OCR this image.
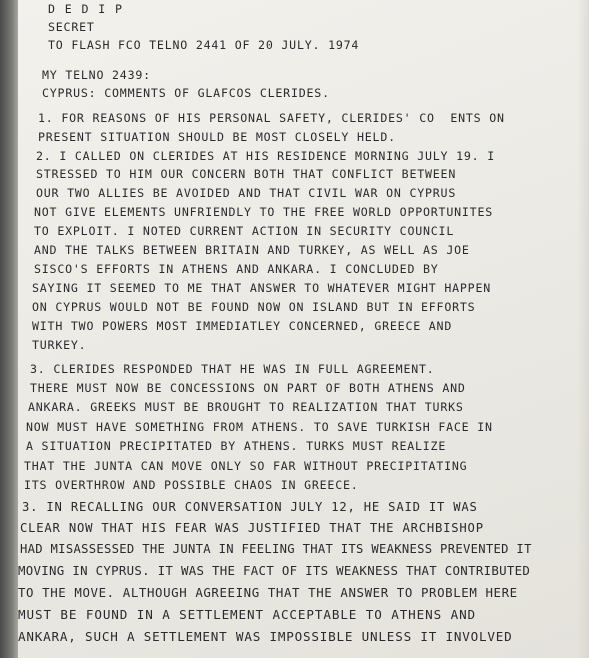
D E D I P
SECRET
TO FLASH FCO TELNO 2441 OF 20 JULY. 1974
MY TELNO 2439:
CYPRUS: COMMENTS OF GLAFCOS CLERIDES.
1. FOR REASONS OF HIS PERSONAL SAFETY, CLERIDES' CO  ENTS ON
PRESENT SITUATION SHOULD BE MOST CLOSELY HELD.
2. I CALLED ON CLERIDES AT HIS RESIDENCE MORNING JULY 19. I
STRESSED TO HIM OUR CONCERN BOTH THAT CONFLICT BETWEEN
OUR TWO ALLIES BE AVOIDED AND THAT CIVIL WAR ON CYPRUS
NOT GIVE ELEMENTS UNFRIENDLY TO THE FREE WORLD OPPORTUNITES
TO EXPLOIT. I NOTED CURRENT ACTION IN SECURITY COUNCIL
AND THE TALKS BETWEEN BRITAIN AND TURKEY, AS WELL AS JOE
SISCO'S EFFORTS IN ATHENS AND ANKARA. I CONCLUDED BY
SAYING IT SEEMED TO ME THAT ANSWER TO WHATEVER MIGHT HAPPEN
ON CYPRUS WOULD NOT BE FOUND NOW ON ISLAND BUT IN EFFORTS
WITH TWO POWERS MOST IMMEDIATLEY CONCERNED, GREECE AND
TURKEY.
3. CLERIDES RESPONDED THAT HE WAS IN FULL AGREEMENT.
THERE MUST NOW BE CONCESSIONS ON PART OF BOTH ATHENS AND
ANKARA. GREEKS MUST BE BROUGHT TO REALIZATION THAT TURKS
NOW MUST HAVE SOMETHING FROM ATHENS. TO SAVE TURKISH FACE IN
A SITUATION PRECIPITATED BY ATHENS. TURKS MUST REALIZE
THAT THE JUNTA CAN MOVE ONLY SO FAR WITHOUT PRECIPITATING
ITS OVERTHROW AND POSSIBLE CHAOS IN GREECE.
3. IN RECALLING OUR CONVERSATION JULY 12, HE SAID IT WAS
CLEAR NOW THAT HIS FEAR WAS JUSTIFIED THAT THE ARCHBISHOP
HAD MISASSESSED THE JUNTA IN FEELING THAT ITS WEAKNESS PREVENTED IT
MOVING IN CYPRUS. IT WAS THE FACT OF ITS WEAKNESS THAT CONTRIBUTED
TO THE MOVE. ALTHOUGH AGREEING THAT THE ANSWER TO PROBLEM HERE
MUST BE FOUND IN A SETTLEMENT ACCEPTABLE TO ATHENS AND
ANKARA, SUCH A SETTLEMENT WAS IMPOSSIBLE UNLESS IT INVOLVED
